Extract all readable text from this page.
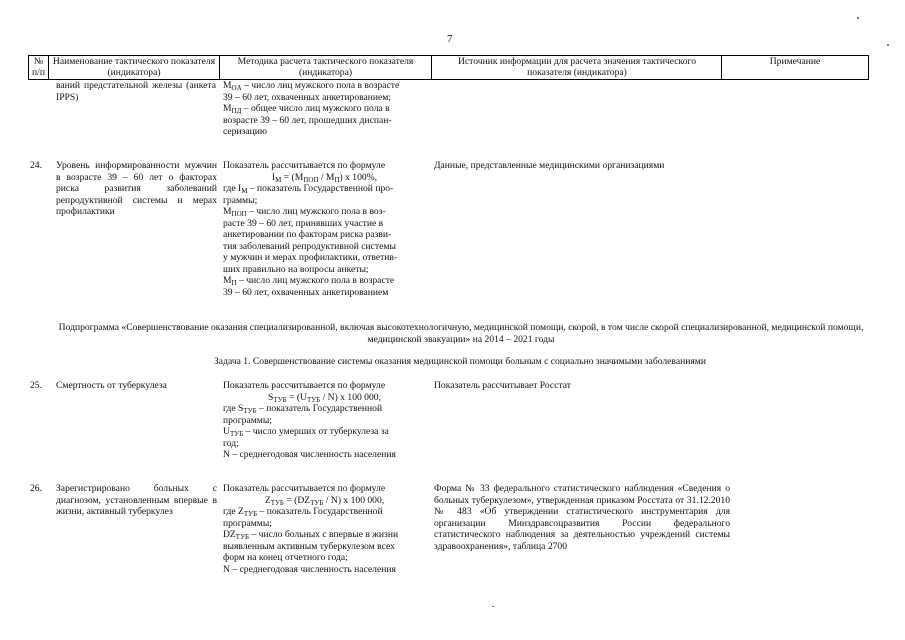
7
№ п/п
Наименование тактического показателя (индикатора)
Методика расчета тактического показателя (индикатора)
Источник информации для расчета значения тактического показателя (индикатора)
Примечание
ваний предстательной железы (анкета IPPS)
$M_{OA}$ – число лиц мужского пола в возрасте
39 – 60 лет, охваченных анкетированием;
$M_{ПД}$ – общее число лиц мужского пола в
возрасте 39 – 60 лет, прошедших диспан-
серизацию
24. Уровень информированности мужчин в возрасте 39 – 60 лет о факторах риска развития заболеваний репродуктивной системы и мерах профилактики
Показатель рассчитывается по формуле
$I_М = (M_{ПОП} / M_П)$ x 100%,
где $I_М$ – показатель Государственной про-
граммы;
$M_{ПОП}$ – число лиц мужского пола в воз-
расте 39 – 60 лет, принявших участие в
анкетировании по факторам риска разви-
тия заболеваний репродуктивной системы
у мужчин и мерах профилактики, ответив-
ших правильно на вопросы анкеты;
$M_П$ – число лиц мужского пола в возрасте
39 – 60 лет, охваченных анкетированием
Данные, представленные медицинскими организациями
Подпрограмма «Совершенствование оказания специализированной, включая высокотехнологичную, медицинской помощи, скорой, в том числе скорой специализированной, медицинской помощи, медицинской эвакуации» на 2014 – 2021 годы
Задача 1. Совершенствование системы оказания медицинской помощи больным с социально значимыми заболеваниями
25. Смертность от туберкулеза	Показатель рассчитывается по формуле
$S_{ТУБ} = (U_{ТУБ} / N)$ x 100 000,
где $S_{ТУБ}$ – показатель Государственной
программы;
$U_{ТУБ}$ – число умерших от туберкулеза за
год;
N – среднегодовая численность населения
Показатель рассчитывает Росстат
26. Зарегистрировано больных с диагнозом, установленным впервые в жизни, активный туберкулез
Показатель рассчитывается по формуле
$Z_{ТУБ} = (DZ_{ТУБ} / N)$ x 100 000,
где $Z_{ТУБ}$ – показатель Государственной
программы;
$DZ_{ТУБ}$ – число больных с впервые в жизни
выявленным активным туберкулезом всех
форм на конец отчетного года;
N – среднегодовая численность населения
Форма № 33 федерального статистического наблюдения «Сведения о больных туберкулезом», утвержденная приказом Росстата от 31.12.2010 № 483 «Об утверждении статистического инструментария для организации Минздравсоцразвития России федерального статистического наблюдения за деятельностью учреждений системы здравоохранения», таблица 2700
